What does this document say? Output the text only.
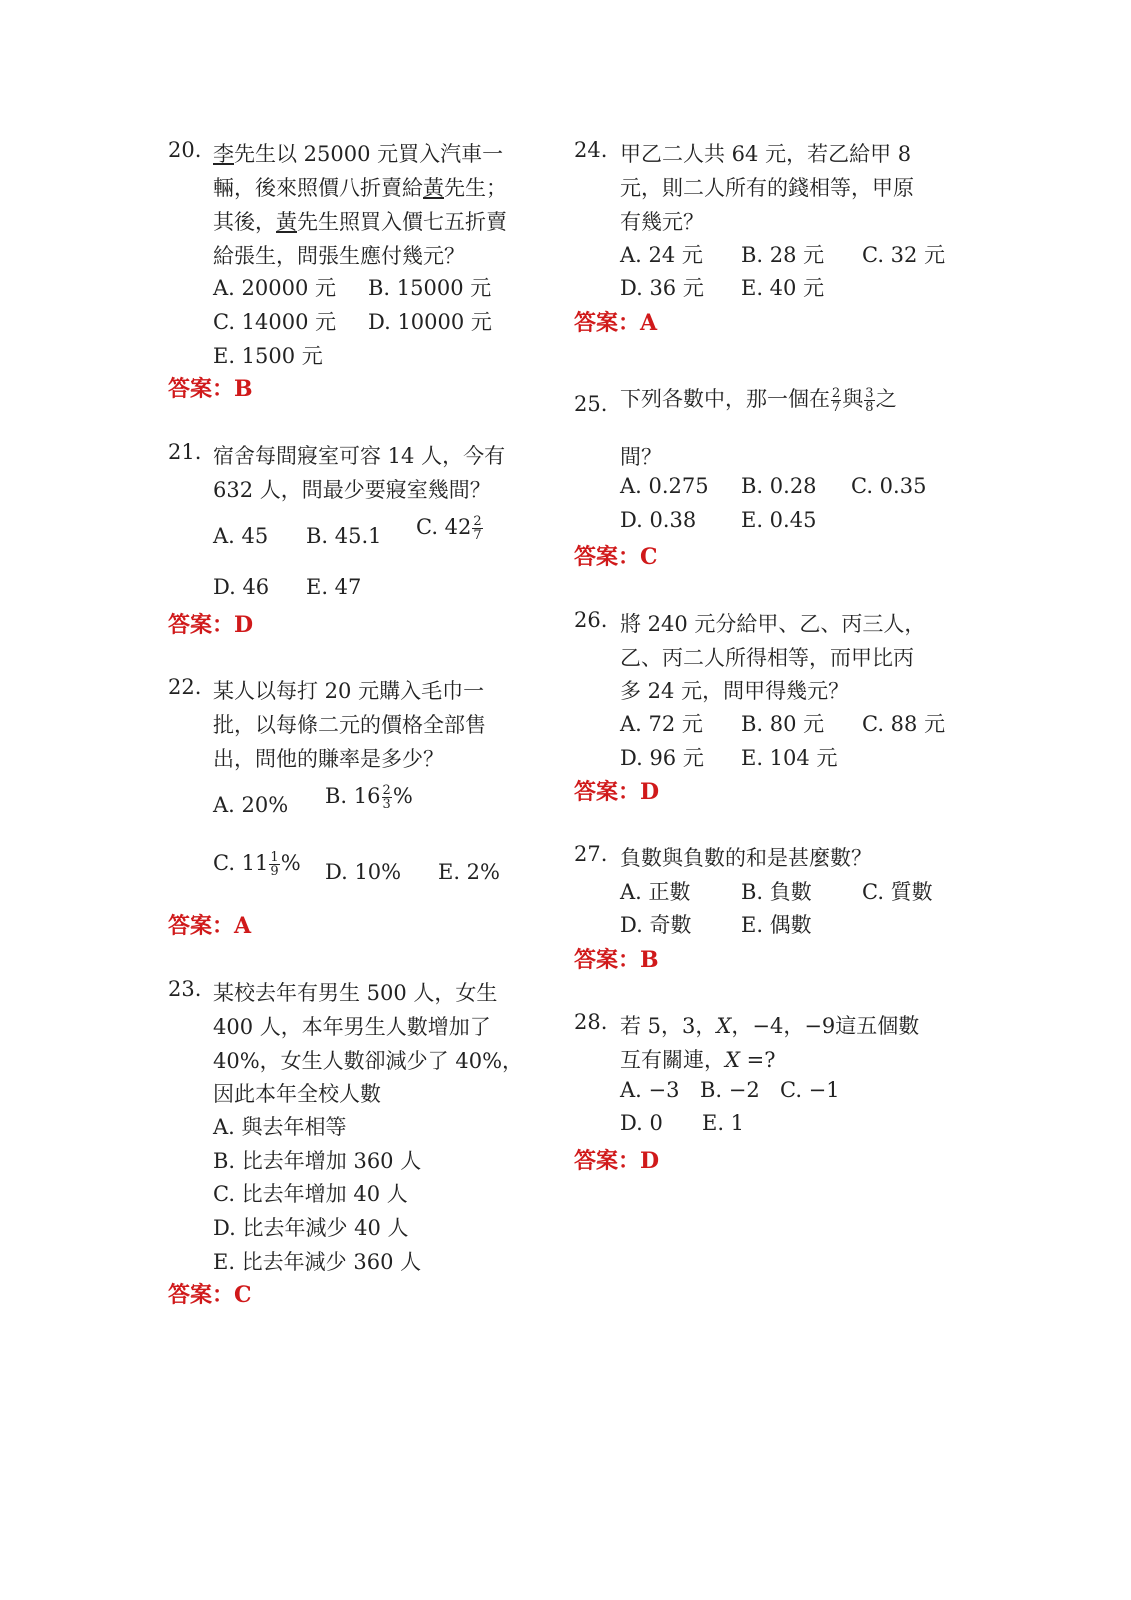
20. 李先生以 25000 元買入汽車一
輛，後來照價八折賣給黃先生；
其後，黃先生照買入價七五折賣
給張生，問張生應付幾元？
A. 20000 元 B. 15000 元
C. 14000 元 D. 10000 元
E. 1500 元
答案：B
21. 宿舍每間寢室可容 14 人，今有
632 人，問最少要寢室幾間？
A. 45 B. 45.1 C. $42 \frac{2}{7}$
D. 46 E. 47
答案：D
22. 某人以每打 20 元購入毛巾一
批，以每條二元的價格全部售
出，問他的賺率是多少？
A. 20% B. $16 \frac{2}{3}$ %
C. $11 \frac{1}{9}$ % D. 10% E. 2%
答案：A
23. 某校去年有男生 500 人，女生
400 人，本年男生人數增加了
40%，女生人數卻減少了 40%，
因此本年全校人數
A. 與去年相等
B. 比去年增加 360 人
C. 比去年增加 40 人
D. 比去年減少 40 人
E. 比去年減少 360 人
答案：C
24. 甲乙二人共 64 元，若乙給甲 8
元，則二人所有的錢相等，甲原
有幾元？
A. 24 元 B. 28 元 C. 32 元
D. 36 元 E. 40 元
答案：A
25. 下列各數中，那一個在 $\frac{2}{7}$ 與 $\frac{3}{8}$ 之
間？
A. 0.275 B. 0.28 C. 0.35
D. 0.38 E. 0.45
答案：C
26. 將 240 元分給甲、乙、丙三人，
乙、丙二人所得相等，而甲比丙
多 24 元，問甲得幾元？
A. 72 元 B. 80 元 C. 88 元
D. 96 元 E. 104 元
答案：D
27. 負數與負數的和是甚麼數？
A. 正數 B. 負數 C. 質數
D. 奇數 E. 偶數
答案：B
28. 若 5，3，X，−4，−9這五個數
互有關連，X =?
A. −3 B. −2 C. −1
D. 0 E. 1
答案：D
